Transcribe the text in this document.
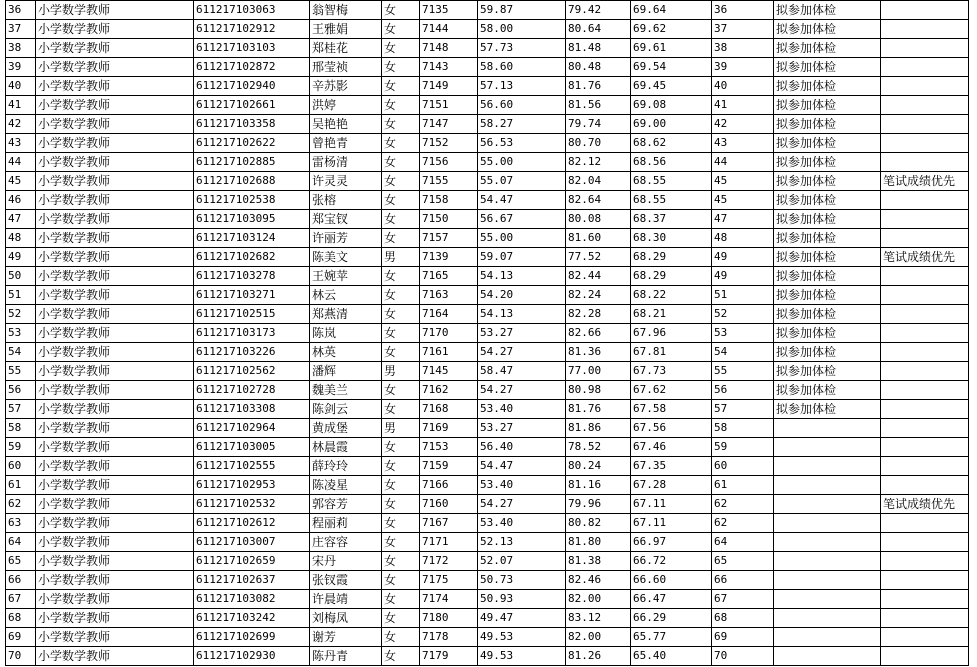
36	小学数学教师	611217103063	翁智梅	女	7135	59.87	79.42	69.64	36	拟参加体检	
37	小学数学教师	611217102912	王雅娟	女	7144	58.00	80.64	69.62	37	拟参加体检	
38	小学数学教师	611217103103	郑桂花	女	7148	57.73	81.48	69.61	38	拟参加体检	
39	小学数学教师	611217102872	邢莹祯	女	7143	58.60	80.48	69.54	39	拟参加体检	
40	小学数学教师	611217102940	辛苏影	女	7149	57.13	81.76	69.45	40	拟参加体检	
41	小学数学教师	611217102661	洪婷	女	7151	56.60	81.56	69.08	41	拟参加体检	
42	小学数学教师	611217103358	吴艳艳	女	7147	58.27	79.74	69.00	42	拟参加体检	
43	小学数学教师	611217102622	曾艳青	女	7152	56.53	80.70	68.62	43	拟参加体检	
44	小学数学教师	611217102885	雷杨清	女	7156	55.00	82.12	68.56	44	拟参加体检	
45	小学数学教师	611217102688	许灵灵	女	7155	55.07	82.04	68.55	45	拟参加体检	笔试成绩优先
46	小学数学教师	611217102538	张榕	女	7158	54.47	82.64	68.55	45	拟参加体检	
47	小学数学教师	611217103095	郑宝钗	女	7150	56.67	80.08	68.37	47	拟参加体检	
48	小学数学教师	611217103124	许丽芳	女	7157	55.00	81.60	68.30	48	拟参加体检	
49	小学数学教师	611217102682	陈美文	男	7139	59.07	77.52	68.29	49	拟参加体检	笔试成绩优先
50	小学数学教师	611217103278	王婉苹	女	7165	54.13	82.44	68.29	49	拟参加体检	
51	小学数学教师	611217103271	林云	女	7163	54.20	82.24	68.22	51	拟参加体检	
52	小学数学教师	611217102515	郑燕清	女	7164	54.13	82.28	68.21	52	拟参加体检	
53	小学数学教师	611217103173	陈岚	女	7170	53.27	82.66	67.96	53	拟参加体检	
54	小学数学教师	611217103226	林英	女	7161	54.27	81.36	67.81	54	拟参加体检	
55	小学数学教师	611217102562	潘辉	男	7145	58.47	77.00	67.73	55	拟参加体检	
56	小学数学教师	611217102728	魏美兰	女	7162	54.27	80.98	67.62	56	拟参加体检	
57	小学数学教师	611217103308	陈剑云	女	7168	53.40	81.76	67.58	57	拟参加体检	
58	小学数学教师	611217102964	黄成堡	男	7169	53.27	81.86	67.56	58		
59	小学数学教师	611217103005	林晨霞	女	7153	56.40	78.52	67.46	59		
60	小学数学教师	611217102555	薛玲玲	女	7159	54.47	80.24	67.35	60		
61	小学数学教师	611217102953	陈凌星	女	7166	53.40	81.16	67.28	61		
62	小学数学教师	611217102532	郭容芳	女	7160	54.27	79.96	67.11	62		笔试成绩优先
63	小学数学教师	611217102612	程丽莉	女	7167	53.40	80.82	67.11	62		
64	小学数学教师	611217103007	庄容容	女	7171	52.13	81.80	66.97	64		
65	小学数学教师	611217102659	宋丹	女	7172	52.07	81.38	66.72	65		
66	小学数学教师	611217102637	张钗霞	女	7175	50.73	82.46	66.60	66		
67	小学数学教师	611217103082	许晨靖	女	7174	50.93	82.00	66.47	67		
68	小学数学教师	611217103242	刘梅凤	女	7180	49.47	83.12	66.29	68		
69	小学数学教师	611217102699	谢芳	女	7178	49.53	82.00	65.77	69		
70	小学数学教师	611217102930	陈丹青	女	7179	49.53	81.26	65.40	70		
